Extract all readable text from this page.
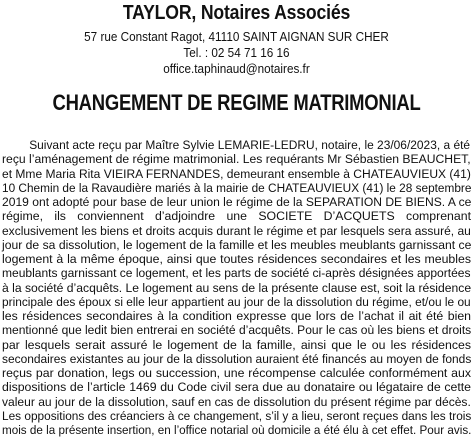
TAYLOR, Notaires Associés
57 rue Constant Ragot, 41110 SAINT AIGNAN SUR CHER
Tel. : 02 54 71 16 16
office.taphinaud@notaires.fr
CHANGEMENT DE REGIME MATRIMONIAL
Suivant acte reçu par Maître Sylvie LEMARIE-LEDRU, notaire, le 23/06/2023, a été
reçu l’aménagement de régime matrimonial. Les requérants Mr Sébastien BEAUCHET,
et Mme Maria Rita VIEIRA FERNANDES, demeurant ensemble à CHATEAUVIEUX (41)
10 Chemin de la Ravaudière mariés à la mairie de CHATEAUVIEUX (41) le 28 septembre
2019 ont adopté pour base de leur union le régime de la SEPARATION DE BIENS. A ce
régime, ils conviennent d’adjoindre une SOCIETE D’ACQUETS comprenant
exclusivement les biens et droits acquis durant le régime et par lesquels sera assuré, au
jour de sa dissolution, le logement de la famille et les meubles meublants garnissant ce
logement à la même époque, ainsi que toutes résidences secondaires et les meubles
meublants garnissant ce logement, et les parts de société ci-après désignées apportées
à la société d’acquêts. Le logement au sens de la présente clause est, soit la résidence
principale des époux si elle leur appartient au jour de la dissolution du régime, et/ou le ou
les résidences secondaires à la condition expresse que lors de l’achat il ait été bien
mentionné que ledit bien entrerai en société d’acquêts. Pour le cas où les biens et droits
par lesquels serait assuré le logement de la famille, ainsi que le ou les résidences
secondaires existantes au jour de la dissolution auraient été financés au moyen de fonds
reçus par donation, legs ou succession, une récompense calculée conformément aux
dispositions de l’article 1469 du Code civil sera due au donataire ou légataire de cette
valeur au jour de la dissolution, sauf en cas de dissolution du présent régime par décès.
Les oppositions des créanciers à ce changement, s’il y a lieu, seront reçues dans les trois
mois de la présente insertion, en l’office notarial où domicile a été élu à cet effet. Pour avis.
